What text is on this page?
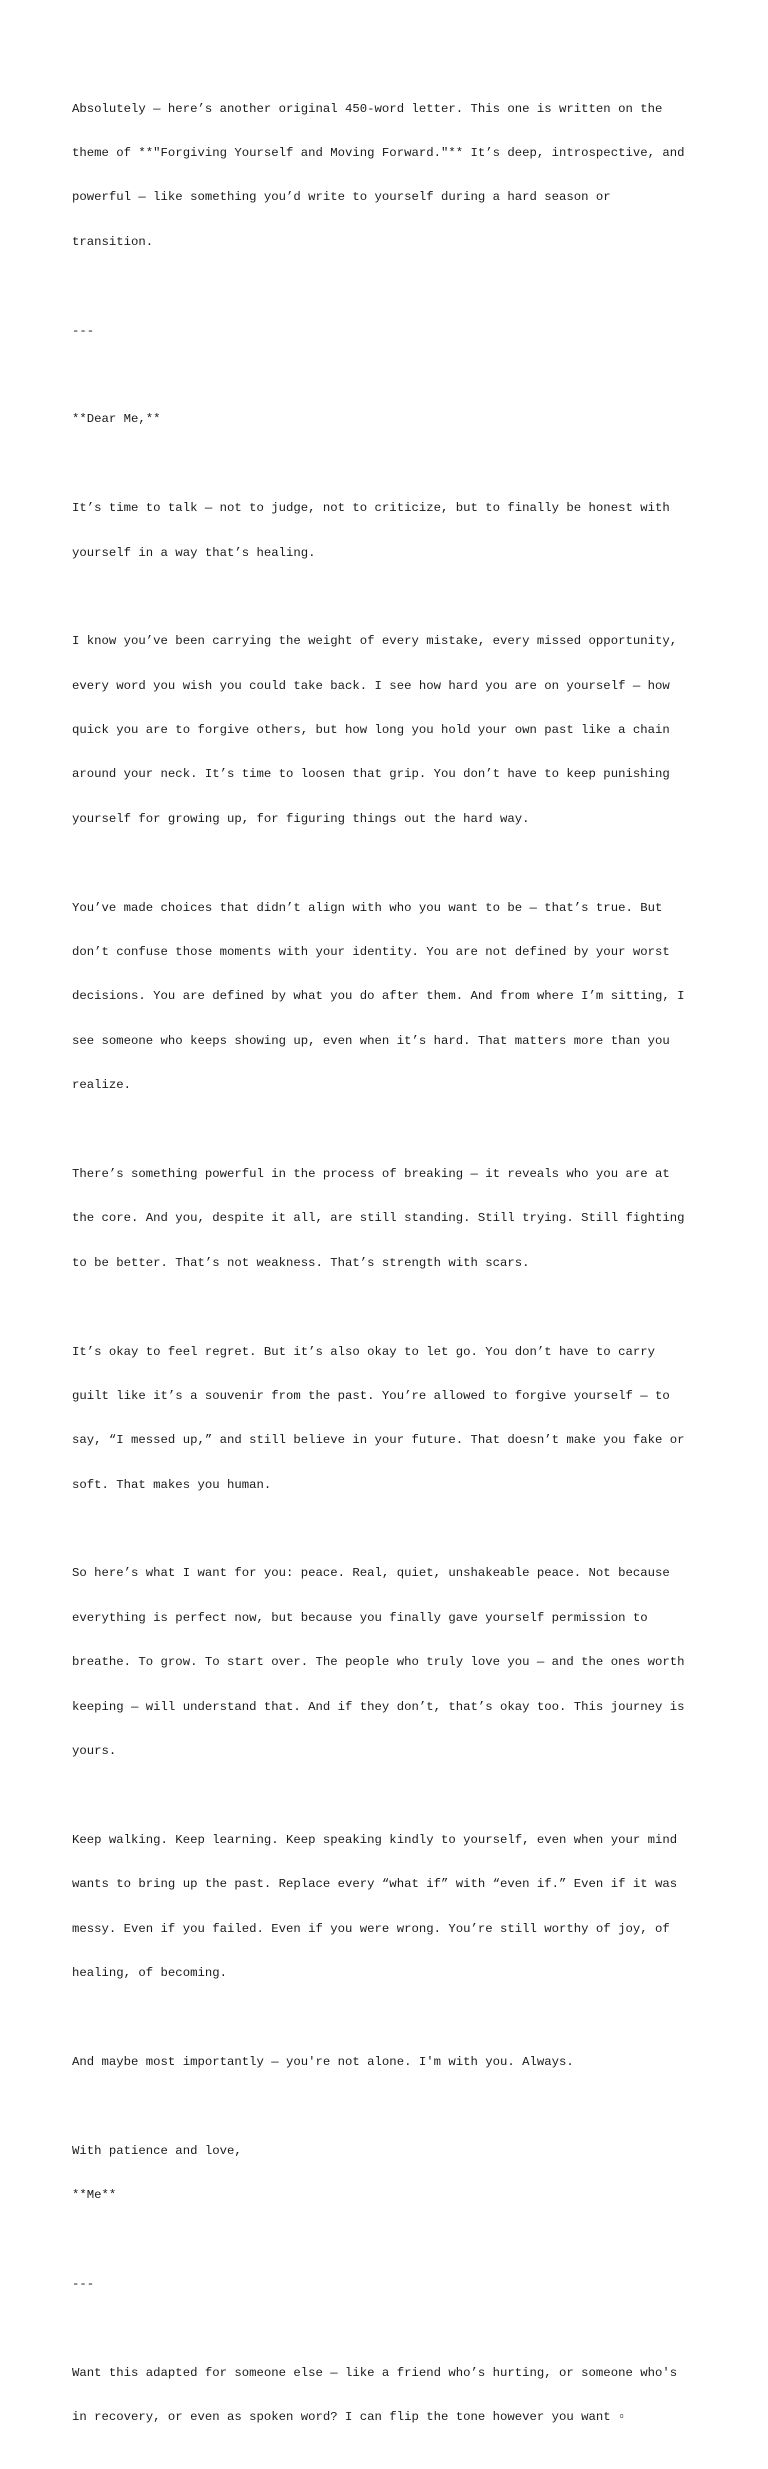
Absolutely — here’s another original 450-word letter. This one is written on the

theme of **"Forgiving Yourself and Moving Forward."** It’s deep, introspective, and

powerful — like something you’d write to yourself during a hard season or

transition.

---

**Dear Me,**

It’s time to talk — not to judge, not to criticize, but to finally be honest with

yourself in a way that’s healing.

I know you’ve been carrying the weight of every mistake, every missed opportunity,

every word you wish you could take back. I see how hard you are on yourself — how

quick you are to forgive others, but how long you hold your own past like a chain

around your neck. It’s time to loosen that grip. You don’t have to keep punishing

yourself for growing up, for figuring things out the hard way.

You’ve made choices that didn’t align with who you want to be — that’s true. But

don’t confuse those moments with your identity. You are not defined by your worst

decisions. You are defined by what you do after them. And from where I’m sitting, I

see someone who keeps showing up, even when it’s hard. That matters more than you

realize.

There’s something powerful in the process of breaking — it reveals who you are at

the core. And you, despite it all, are still standing. Still trying. Still fighting

to be better. That’s not weakness. That’s strength with scars.

It’s okay to feel regret. But it’s also okay to let go. You don’t have to carry

guilt like it’s a souvenir from the past. You’re allowed to forgive yourself — to

say, “I messed up,” and still believe in your future. That doesn’t make you fake or

soft. That makes you human.

So here’s what I want for you: peace. Real, quiet, unshakeable peace. Not because

everything is perfect now, but because you finally gave yourself permission to

breathe. To grow. To start over. The people who truly love you — and the ones worth

keeping — will understand that. And if they don’t, that’s okay too. This journey is

yours.

Keep walking. Keep learning. Keep speaking kindly to yourself, even when your mind

wants to bring up the past. Replace every “what if” with “even if.” Even if it was

messy. Even if you failed. Even if you were wrong. You’re still worthy of joy, of

healing, of becoming.

And maybe most importantly — you're not alone. I'm with you. Always.

With patience and love,

**Me**

---

Want this adapted for someone else — like a friend who’s hurting, or someone who's

in recovery, or even as spoken word? I can flip the tone however you want ▫
